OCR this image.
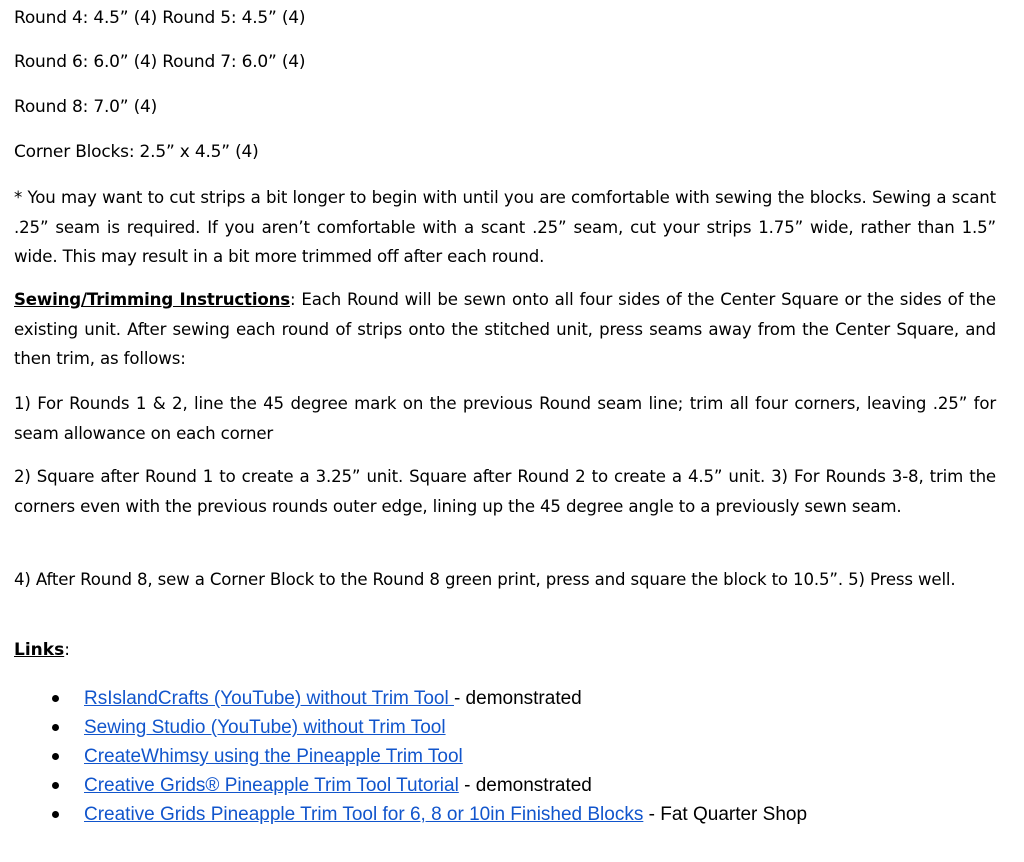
Round 4: 4.5” (4) Round 5: 4.5” (4)
Round 6: 6.0” (4) Round 7: 6.0” (4)
Round 8: 7.0” (4)
Corner Blocks: 2.5” x 4.5” (4)
* You may want to cut strips a bit longer to begin with until you are comfortable with sewing the blocks. Sewing a scant .25” seam is required. If you aren’t comfortable with a scant .25” seam, cut your strips 1.75” wide, rather than 1.5” wide. This may result in a bit more trimmed off after each round.
Sewing/Trimming Instructions: Each Round will be sewn onto all four sides of the Center Square or the sides of the existing unit. After sewing each round of strips onto the stitched unit, press seams away from the Center Square, and then trim, as follows:
1) For Rounds 1 & 2, line the 45 degree mark on the previous Round seam line; trim all four corners, leaving .25” for seam allowance on each corner
2) Square after Round 1 to create a 3.25” unit. Square after Round 2 to create a 4.5” unit. 3) For Rounds 3-8, trim the corners even with the previous rounds outer edge, lining up the 45 degree angle to a previously sewn seam.
4) After Round 8, sew a Corner Block to the Round 8 green print, press and square the block to 10.5”. 5) Press well.
Links:
RsIslandCrafts (YouTube) without Trim Tool - demonstrated
Sewing Studio (YouTube) without Trim Tool
CreateWhimsy using the Pineapple Trim Tool
Creative Grids® Pineapple Trim Tool Tutorial - demonstrated
Creative Grids Pineapple Trim Tool for 6, 8 or 10in Finished Blocks - Fat Quarter Shop
